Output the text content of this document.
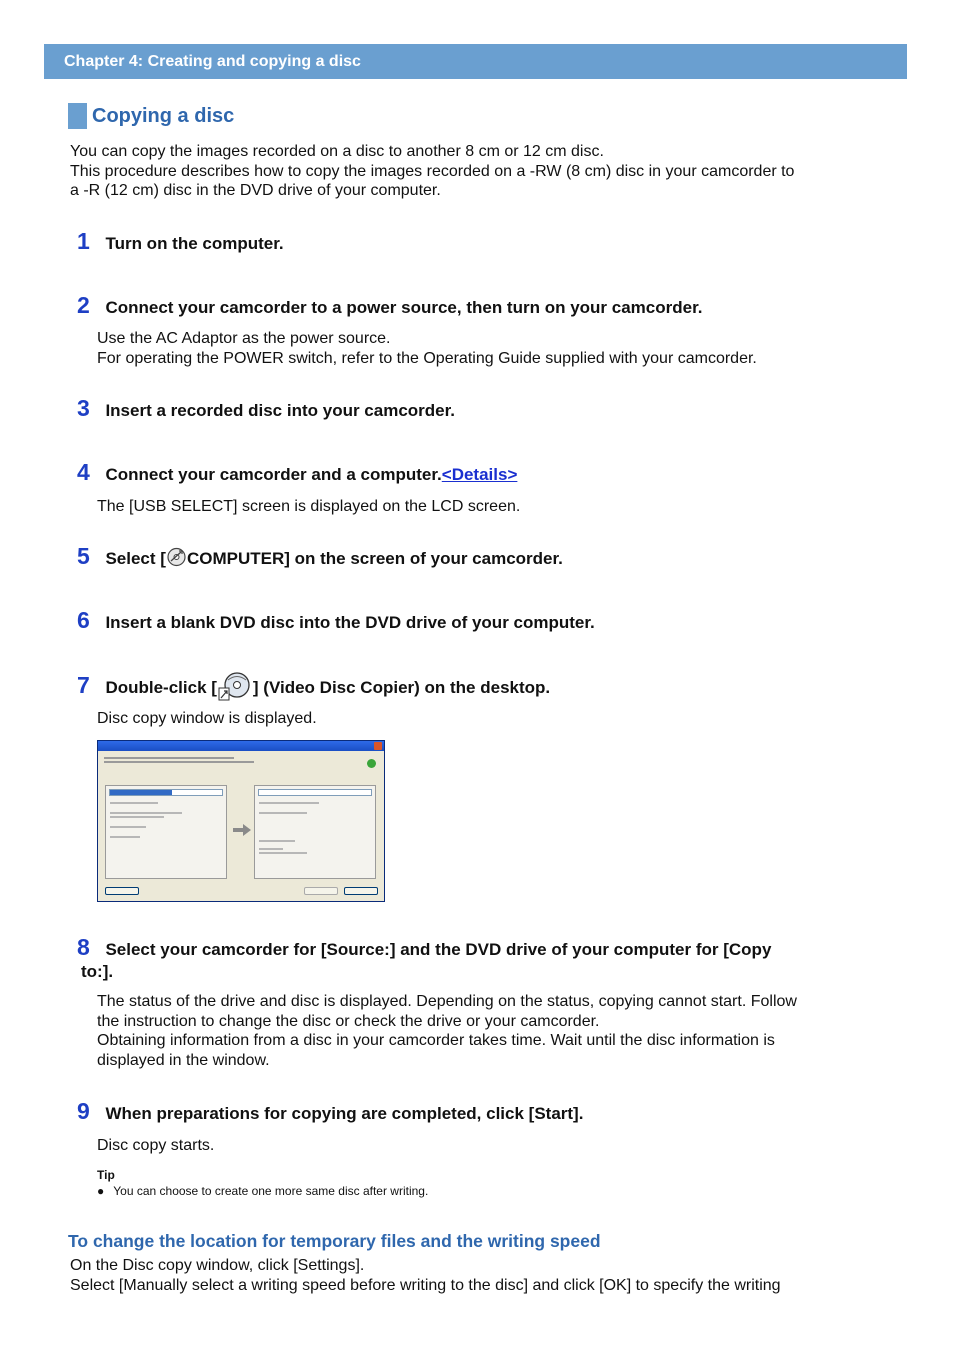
Chapter 4: Creating and copying a disc
Copying a disc
You can copy the images recorded on a disc to another 8 cm or 12 cm disc.
This procedure describes how to copy the images recorded on a -RW (8 cm) disc in your camcorder to
a -R (12 cm) disc in the DVD drive of your computer.
1 Turn on the computer.
2 Connect your camcorder to a power source, then turn on your camcorder.
Use the AC Adaptor as the power source.
For operating the POWER switch, refer to the Operating Guide supplied with your camcorder.
3 Insert a recorded disc into your camcorder.
4 Connect your camcorder and a computer.<Details>
The [USB SELECT] screen is displayed on the LCD screen.
5 Select [ COMPUTER] on the screen of your camcorder.
6 Insert a blank DVD disc into the DVD drive of your computer.
7 Double-click [ ] (Video Disc Copier) on the desktop.
Disc copy window is displayed.
8 Select your camcorder for [Source:] and the DVD drive of your computer for [Copy
to:].
The status of the drive and disc is displayed. Depending on the status, copying cannot start. Follow
the instruction to change the disc or check the drive or your camcorder.
Obtaining information from a disc in your camcorder takes time. Wait until the disc information is
displayed in the window.
9 When preparations for copying are completed, click [Start].
Disc copy starts.
Tip
● You can choose to create one more same disc after writing.
To change the location for temporary files and the writing speed
On the Disc copy window, click [Settings].
Select [Manually select a writing speed before writing to the disc] and click [OK] to specify the writing
